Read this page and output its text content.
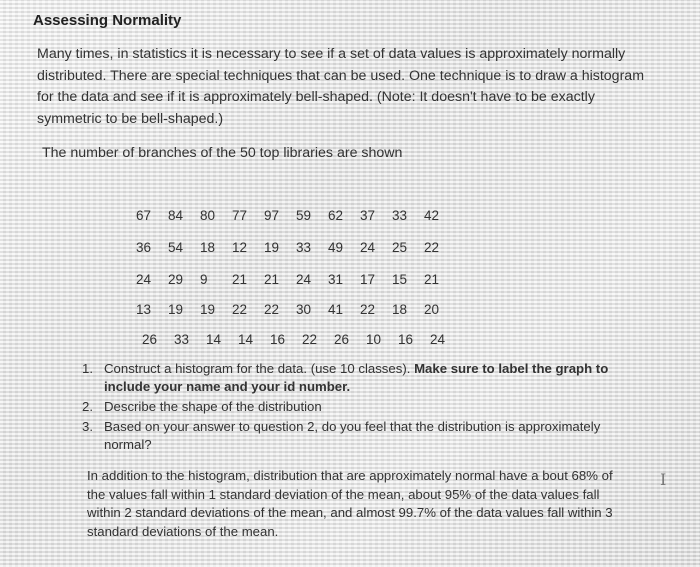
Assessing Normality
Many times, in statistics it is necessary to see if a set of data values is approximately normally distributed. There are special techniques that can be used. One technique is to draw a histogram for the data and see if it is approximately bell-shaped. (Note: It doesn't have to be exactly symmetric to be bell-shaped.)
The number of branches of the 50 top libraries are shown
67	84	80	77	97	59	62	37	33	42
36	54	18	12	19	33	49	24	25	22
24	29	9	21	21	24	31	17	15	21
13	19	19	22	22	30	41	22	18	20
26	33	14	14	16	22	26	10	16	24
1. Construct a histogram for the data. (use 10 classes). Make sure to label the graph to include your name and your id number.
2. Describe the shape of the distribution
3. Based on your answer to question 2, do you feel that the distribution is approximately normal?
In addition to the histogram, distribution that are approximately normal have a bout 68% of the values fall within 1 standard deviation of the mean, about 95% of the data values fall within 2 standard deviations of the mean, and almost 99.7% of the data values fall within 3 standard deviations of the mean.
I
